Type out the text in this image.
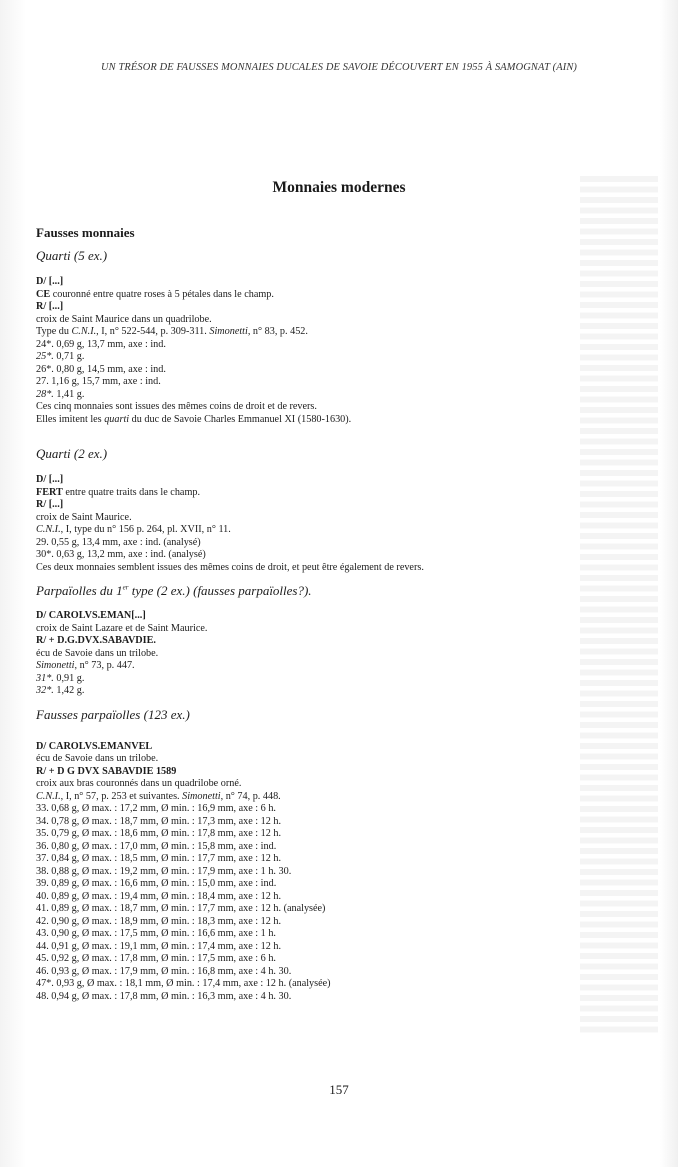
UN TRÉSOR DE FAUSSES MONNAIES DUCALES DE SAVOIE DÉCOUVERT EN 1955 À SAMOGNAT (AIN)
Monnaies modernes
Fausses monnaies
Quarti (5 ex.)
D/ [...]
CE couronné entre quatre roses à 5 pétales dans le champ.
R/ [...]
croix de Saint Maurice dans un quadrilobe.
Type du C.N.I., I, n° 522-544, p. 309-311. Simonetti, n° 83, p. 452.
24*. 0,69 g, 13,7 mm, axe : ind.
25*. 0,71 g.
26*. 0,80 g, 14,5 mm, axe : ind.
27. 1,16 g, 15,7 mm, axe : ind.
28*. 1,41 g.
Ces cinq monnaies sont issues des mêmes coins de droit et de revers.
Elles imitent les quarti du duc de Savoie Charles Emmanuel XI (1580-1630).
Quarti (2 ex.)
D/ [...]
FERT entre quatre traits dans le champ.
R/ [...]
croix de Saint Maurice.
C.N.I., I, type du n° 156 p. 264, pl. XVII, n° 11.
29. 0,55 g, 13,4 mm, axe : ind. (analysé)
30*. 0,63 g, 13,2 mm, axe : ind. (analysé)
Ces deux monnaies semblent issues des mêmes coins de droit, et peut être également de revers.
Parpaïolles du 1er type (2 ex.) (fausses parpaïolles?).
D/ CAROLVS.EMAN[...]
croix de Saint Lazare et de Saint Maurice.
R/ + D.G.DVX.SABAVDIE.
écu de Savoie dans un trilobe.
Simonetti, n° 73, p. 447.
31*. 0,91 g.
32*. 1,42 g.
Fausses parpaïolles (123 ex.)
D/ CAROLVS.EMANVEL
écu de Savoie dans un trilobe.
R/ + D G DVX SABAVDIE 1589
croix aux bras couronnés dans un quadrilobe orné.
C.N.I., I, n° 57, p. 253 et suivantes. Simonetti, n° 74, p. 448.
33. 0,68 g, Ø max. : 17,2 mm, Ø min. : 16,9 mm, axe : 6 h.
34. 0,78 g, Ø max. : 18,7 mm, Ø min. : 17,3 mm, axe : 12 h.
35. 0,79 g, Ø max. : 18,6 mm, Ø min. : 17,8 mm, axe : 12 h.
36. 0,80 g, Ø max. : 17,0 mm, Ø min. : 15,8 mm, axe : ind.
37. 0,84 g, Ø max. : 18,5 mm, Ø min. : 17,7 mm, axe : 12 h.
38. 0,88 g, Ø max. : 19,2 mm, Ø min. : 17,9 mm, axe : 1 h. 30.
39. 0,89 g, Ø max. : 16,6 mm, Ø min. : 15,0 mm, axe : ind.
40. 0,89 g, Ø max. : 19,4 mm, Ø min. : 18,4 mm, axe : 12 h.
41. 0,89 g, Ø max. : 18,7 mm, Ø min. : 17,7 mm, axe : 12 h. (analysée)
42. 0,90 g, Ø max. : 18,9 mm, Ø min. : 18,3 mm, axe : 12 h.
43. 0,90 g, Ø max. : 17,5 mm, Ø min. : 16,6 mm, axe : 1 h.
44. 0,91 g, Ø max. : 19,1 mm, Ø min. : 17,4 mm, axe : 12 h.
45. 0,92 g, Ø max. : 17,8 mm, Ø min. : 17,5 mm, axe : 6 h.
46. 0,93 g, Ø max. : 17,9 mm, Ø min. : 16,8 mm, axe : 4 h. 30.
47*. 0,93 g, Ø max. : 18,1 mm, Ø min. : 17,4 mm, axe : 12 h. (analysée)
48. 0,94 g, Ø max. : 17,8 mm, Ø min. : 16,3 mm, axe : 4 h. 30.
157
